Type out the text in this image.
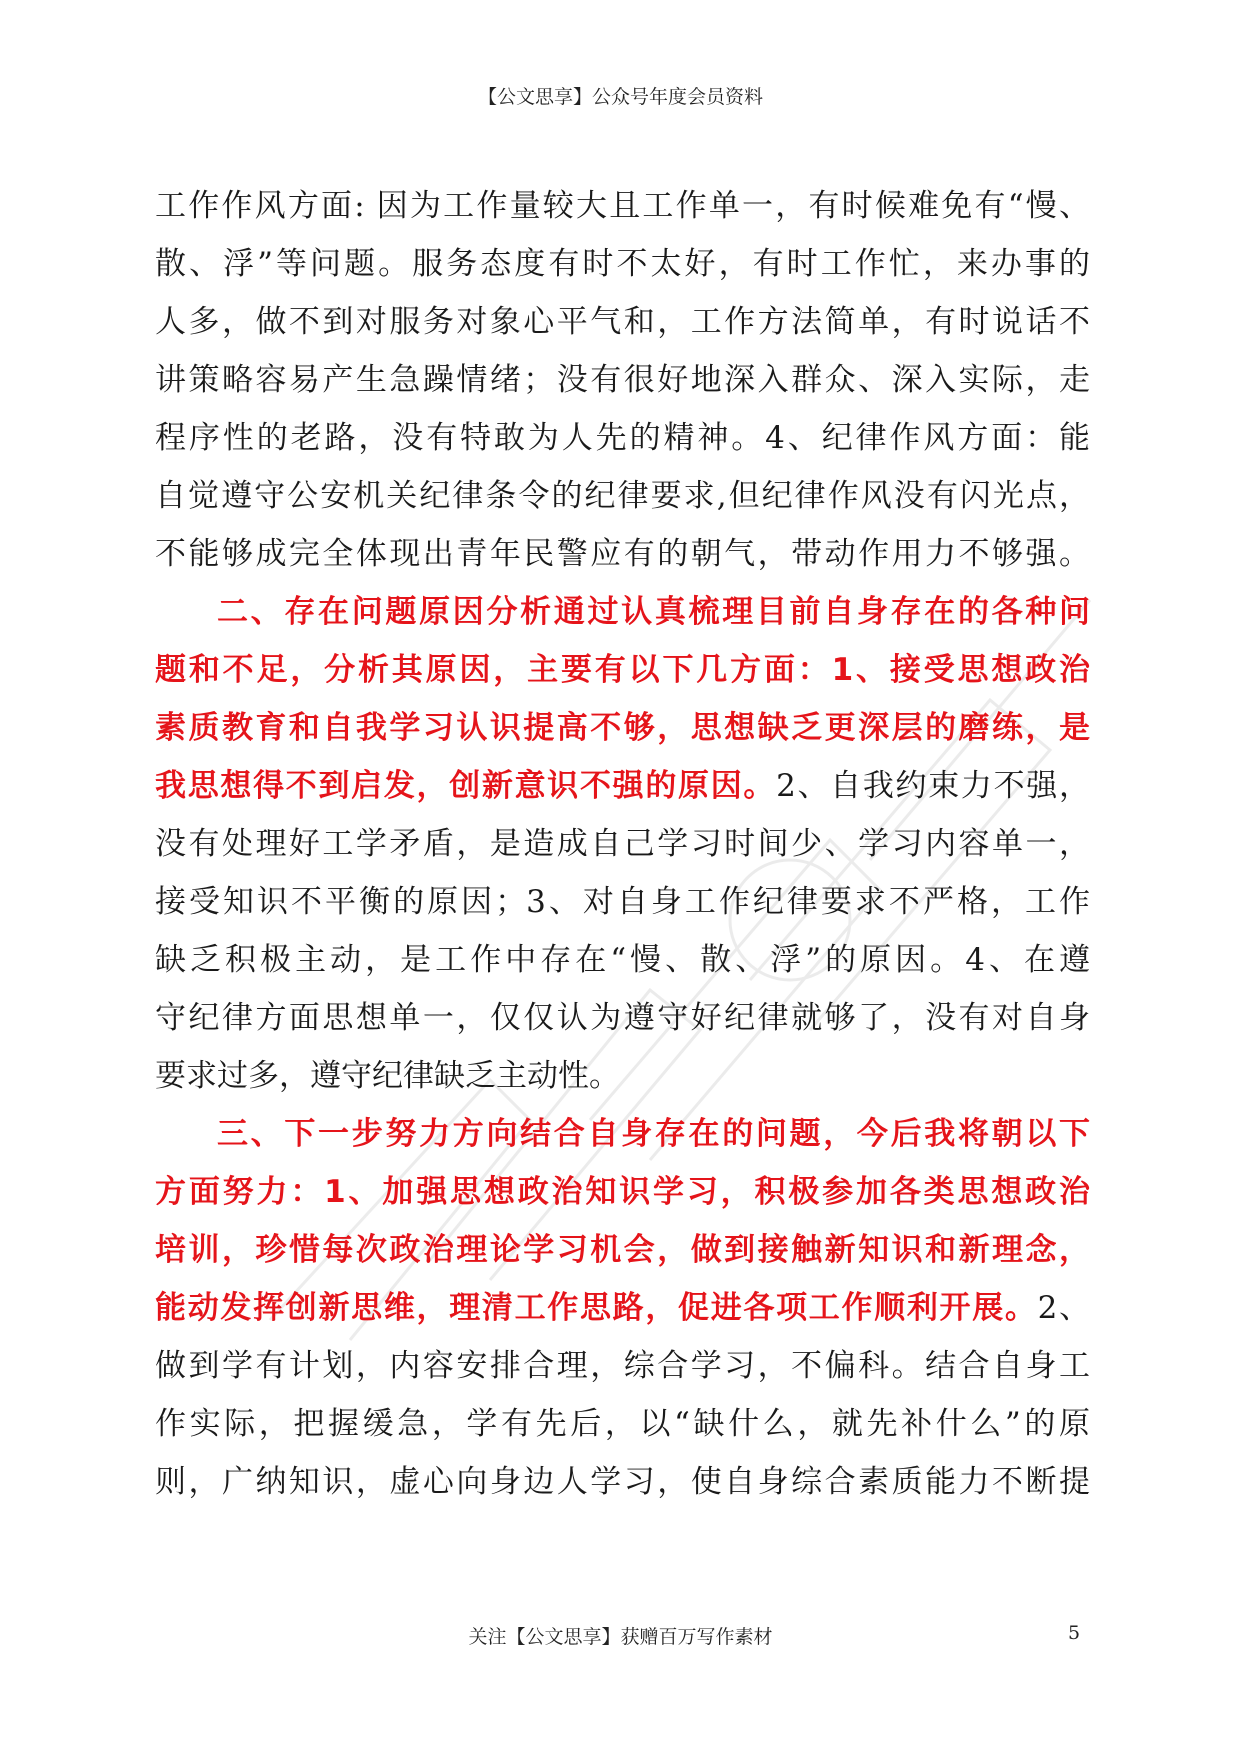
【公文思享】公众号年度会员资料
工作作风方面: 因为工作量较大且工作单一，有时候难免有“慢、
散、浮”等问题。服务态度有时不太好，有时工作忙，来办事的
人多，做不到对服务对象心平气和，工作方法简单，有时说话不
讲策略容易产生急躁情绪；没有很好地深入群众、深入实际，走
程序性的老路，没有特敢为人先的精神。4、纪律作风方面：能
自觉遵守公安机关纪律条令的纪律要求,但纪律作风没有闪光点，
不能够成完全体现出青年民警应有的朝气，带动作用力不够强。
二、存在问题原因分析通过认真梳理目前自身存在的各种问
题和不足，分析其原因，主要有以下几方面：1、接受思想政治
素质教育和自我学习认识提高不够，思想缺乏更深层的磨练，是
我思想得不到启发，创新意识不强的原因。2、自我约束力不强，
没有处理好工学矛盾，是造成自己学习时间少、学习内容单一，
接受知识不平衡的原因；3、对自身工作纪律要求不严格，工作
缺乏积极主动，是工作中存在“慢、散、浮”的原因。4、在遵
守纪律方面思想单一，仅仅认为遵守好纪律就够了，没有对自身
要求过多，遵守纪律缺乏主动性。
三、下一步努力方向结合自身存在的问题，今后我将朝以下
方面努力：1、加强思想政治知识学习，积极参加各类思想政治
培训，珍惜每次政治理论学习机会，做到接触新知识和新理念，
能动发挥创新思维，理清工作思路，促进各项工作顺利开展。2、
做到学有计划，内容安排合理，综合学习，不偏科。结合自身工
作实际，把握缓急，学有先后，以“缺什么，就先补什么”的原
则，广纳知识，虚心向身边人学习，使自身综合素质能力不断提
关注【公文思享】获赠百万写作素材	5
